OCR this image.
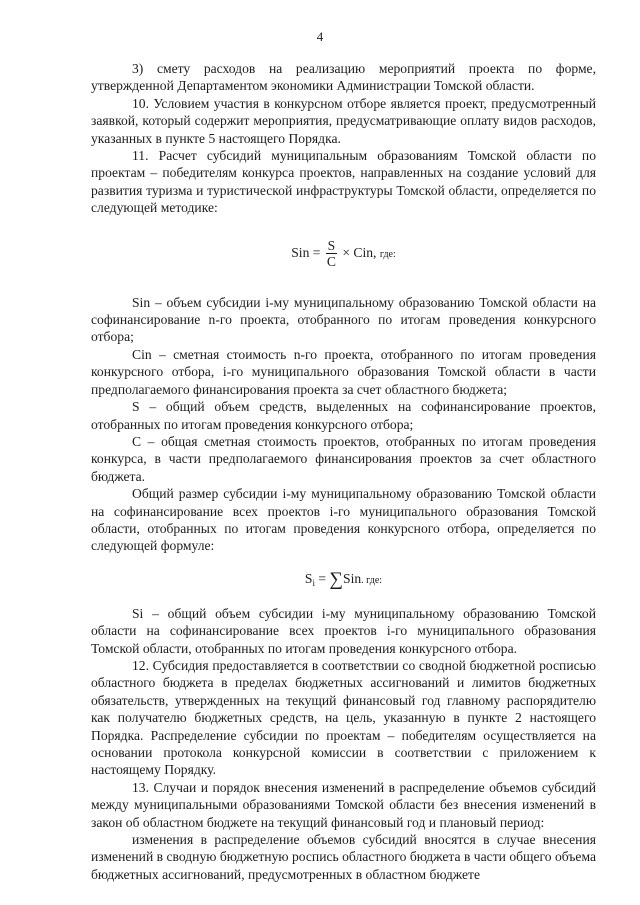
4

3) смету расходов на реализацию мероприятий проекта по форме, утвержденной Департаментом экономики Администрации Томской области.

10. Условием участия в конкурсном отборе является проект, предусмотренный заявкой, который содержит мероприятия, предусматривающие оплату видов расходов, указанных в пункте 5 настоящего Порядка.

11. Расчет субсидий муниципальным образованиям Томской области по проектам – победителям конкурса проектов, направленных на создание условий для развития туризма и туристической инфраструктуры Томской области, определяется по следующей методике:

Sin = $\frac{S}{C}$ × Cin, где:

Sin – объем субсидии i-му муниципальному образованию Томской области на софинансирование n-го проекта, отобранного по итогам проведения конкурсного отбора;

Cin – сметная стоимость n-го проекта, отобранного по итогам проведения конкурсного отбора, i-го муниципального образования Томской области в части предполагаемого финансирования проекта за счет областного бюджета;

S – общий объем средств, выделенных на софинансирование проектов, отобранных по итогам проведения конкурсного отбора;

C – общая сметная стоимость проектов, отобранных по итогам проведения конкурса, в части предполагаемого финансирования проектов за счет областного бюджета.

Общий размер субсидии i-му муниципальному образованию Томской области на софинансирование всех проектов i-го муниципального образования Томской области, отобранных по итогам проведения конкурсного отбора, определяется по следующей формуле:

$S_i = \sum Sin$. где:

Si – общий объем субсидии i-му муниципальному образованию Томской области на софинансирование всех проектов i-го муниципального образования Томской области, отобранных по итогам проведения конкурсного отбора.

12. Субсидия предоставляется в соответствии со сводной бюджетной росписью областного бюджета в пределах бюджетных ассигнований и лимитов бюджетных обязательств, утвержденных на текущий финансовый год главному распорядителю как получателю бюджетных средств, на цель, указанную в пункте 2 настоящего Порядка. Распределение субсидии по проектам – победителям осуществляется на основании протокола конкурсной комиссии в соответствии с приложением к настоящему Порядку.

13. Случаи и порядок внесения изменений в распределение объемов субсидий между муниципальными образованиями Томской области без внесения изменений в закон об областном бюджете на текущий финансовый год и плановый период:

изменения в распределение объемов субсидий вносятся в случае внесения изменений в сводную бюджетную роспись областного бюджета в части общего объема бюджетных ассигнований, предусмотренных в областном бюджете
